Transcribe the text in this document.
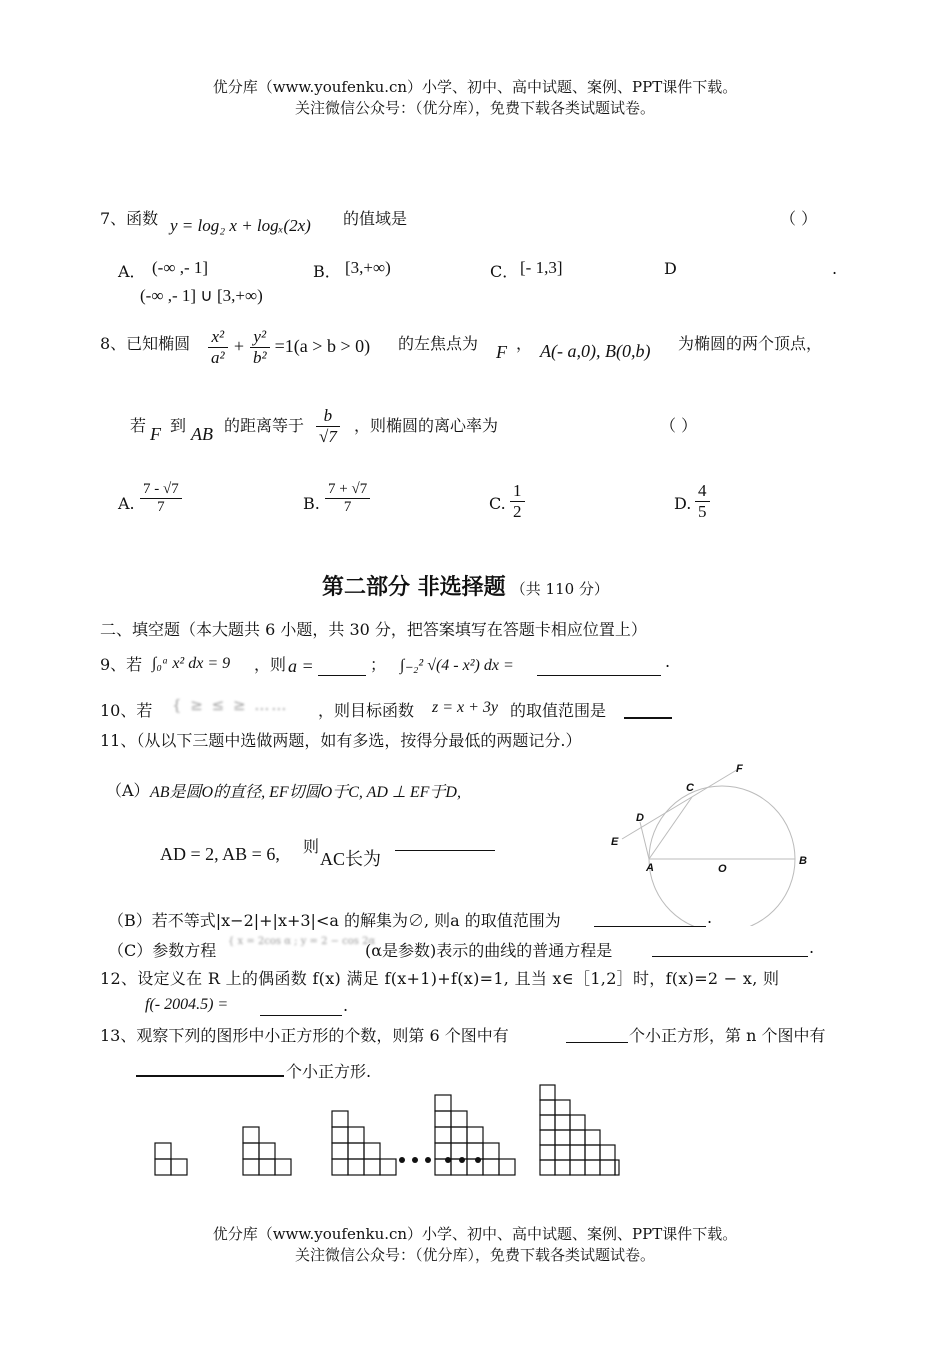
优分库（www.youfenku.cn）小学、初中、高中试题、案例、PPT课件下载。
关注微信公众号：（优分库），免费下载各类试题试卷。
7、函数 y = log₂ x + logₓ(2x) 的值域是	（ ）
A． (-∞ ,- 1]	B． [3,+∞)	C． [- 1,3]	D	.
(-∞ ,- 1] ∪ [3,+∞)
8、已知椭圆 $\frac{\text{x²}}{\text{a²}} + \frac{\text{y²}}{\text{b²}} =1(a > b > 0)$ 的左焦点为 F ， A(- a,0), B(0,b) 为椭圆的两个顶点，
若 F 到 AB 的距离等于 $\frac{b}{√7}$ ，则椭圆的离心率为	（ ）
A. $\frac{7 - √7}{7}$	B. $\frac{7 + √7}{7}$	C. $\frac{1}{2}$	D. $\frac{4}{5}$
第二部分 非选择题 （共 110 分）
二、填空题（本大题共 6 小题，共 30 分，把答案填写在答题卡相应位置上）
9、若 ∫₀ᵃ x² dx = 9 ，则 a =	； ∫₋₂² √(4 - x²) dx =	.
10、若 { ≥ ≤ ≥ …… ，则目标函数 z = x + 3y 的取值范围是
11、（从以下三题中选做两题，如有多选，按得分最低的两题记分.）
（A） AB是圆O的直径, EF切圆O于C, AD ⊥ EF于D,
AD = 2, AB = 6, 则
AC长为
F
C
D
E
A	O
B
（B）若不等式|x−2|+|x+3|<a 的解集为∅, 则a 的取值范围为	.
（C）参数方程 { x = 2cos α ; y = 2 − cos 2α
(α是参数)表示的曲线的普通方程是	.
12、设定义在 R 上的偶函数 f(x) 满足 f(x+1)+f(x)=1, 且当 x∈［1,2］时，f(x)=2 − x, 则
f(- 2004.5) =	.
13、观察下列的图形中小正方形的个数，则第 6 个图中有	个小正方形，第 n 个图中有
个小正方形.
优分库（www.youfenku.cn）小学、初中、高中试题、案例、PPT课件下载。
关注微信公众号：（优分库），免费下载各类试题试卷。
